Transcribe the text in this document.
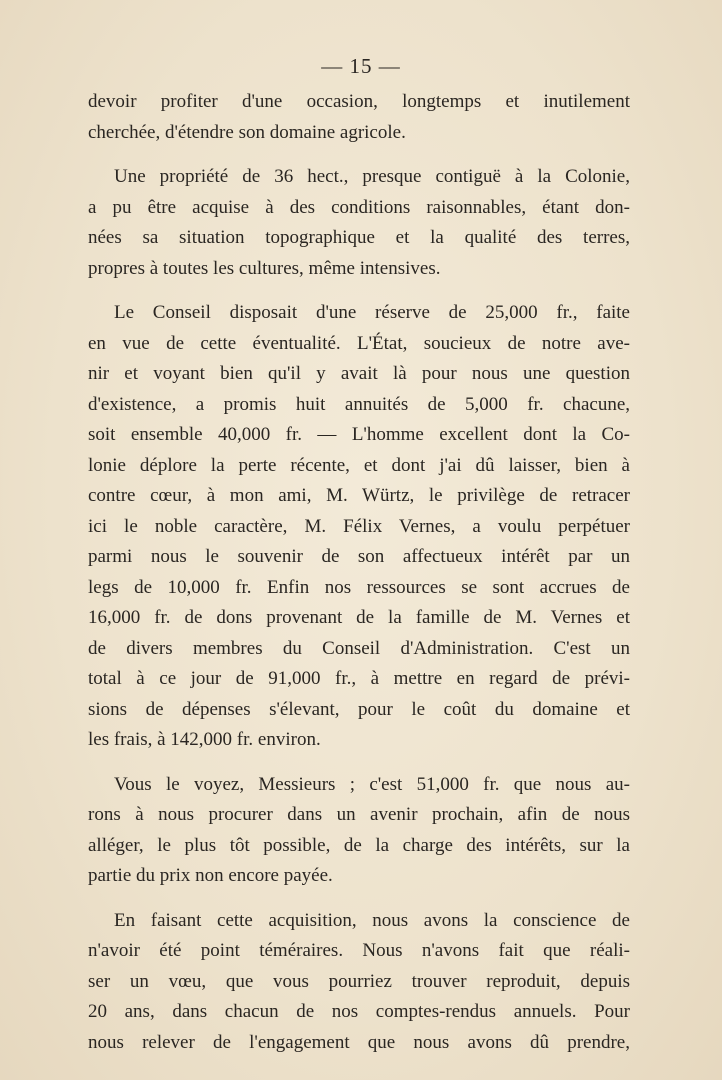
— 15 —

devoir profiter d'une occasion, longtemps et inutilement
cherchée, d'étendre son domaine agricole.

Une propriété de 36 hect., presque contiguë à la Colonie,
a pu être acquise à des conditions raisonnables, étant don-
nées sa situation topographique et la qualité des terres,
propres à toutes les cultures, même intensives.

Le Conseil disposait d'une réserve de 25,000 fr., faite
en vue de cette éventualité. L'État, soucieux de notre ave-
nir et voyant bien qu'il y avait là pour nous une question
d'existence, a promis huit annuités de 5,000 fr. chacune,
soit ensemble 40,000 fr. — L'homme excellent dont la Co-
lonie déplore la perte récente, et dont j'ai dû laisser, bien à
contre cœur, à mon ami, M. Würtz, le privilège de retracer
ici le noble caractère, M. Félix Vernes, a voulu perpétuer
parmi nous le souvenir de son affectueux intérêt par un
legs de 10,000 fr. Enfin nos ressources se sont accrues de
16,000 fr. de dons provenant de la famille de M. Vernes et
de divers membres du Conseil d'Administration. C'est un
total à ce jour de 91,000 fr., à mettre en regard de prévi-
sions de dépenses s'élevant, pour le coût du domaine et
les frais, à 142,000 fr. environ.

Vous le voyez, Messieurs ; c'est 51,000 fr. que nous au-
rons à nous procurer dans un avenir prochain, afin de nous
alléger, le plus tôt possible, de la charge des intérêts, sur la
partie du prix non encore payée.

En faisant cette acquisition, nous avons la conscience de
n'avoir été point téméraires. Nous n'avons fait que réali-
ser un vœu, que vous pourriez trouver reproduit, depuis
20 ans, dans chacun de nos comptes-rendus annuels. Pour
nous relever de l'engagement que nous avons dû prendre,
